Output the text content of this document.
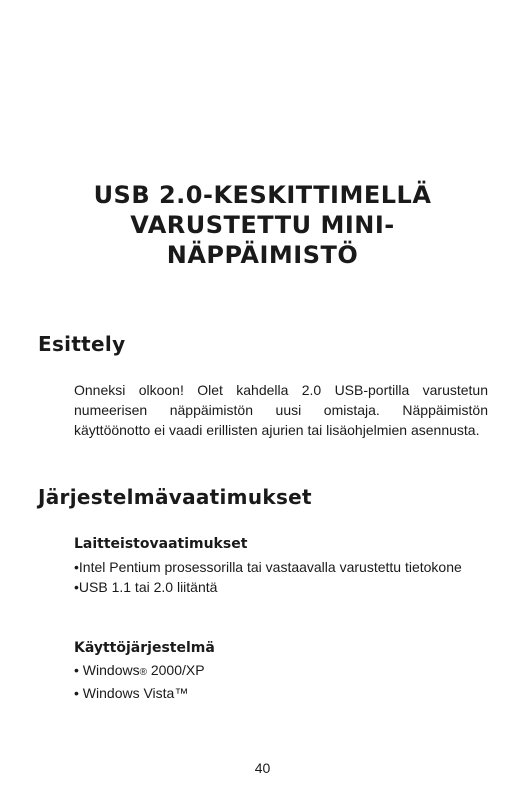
USB 2.0-KESKITTIMELLÄ
VARUSTETTU MINI-
NÄPPÄIMISTÖ
Esittely

Onneksi olkoon! Olet kahdella 2.0 USB-portilla varustetun numeerisen näppäimistön uusi omistaja. Näppäimistön käyttöönotto ei vaadi erillisten ajurien tai lisäohjelmien asennusta.

Järjestelmävaatimukset
Laitteistovaatimukset
•Intel Pentium prosessorilla tai vastaavalla varustettu tietokone
•USB 1.1 tai 2.0 liitäntä
Käyttöjärjestelmä
• Windows® 2000/XP
• Windows Vista™
40
